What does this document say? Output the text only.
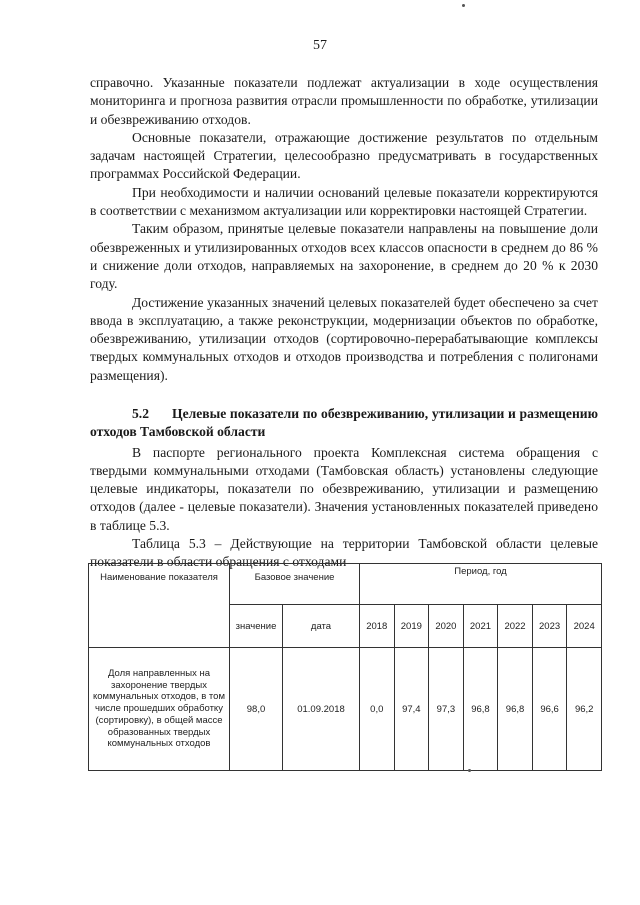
57

справочно. Указанные показатели подлежат актуализации в ходе осуществления мониторинга и прогноза развития отрасли промышленности по обработке, утилизации и обезвреживанию отходов.

Основные показатели, отражающие достижение результатов по отдельным задачам настоящей Стратегии, целесообразно предусматривать в государственных программах Российской Федерации.

При необходимости и наличии оснований целевые показатели корректируются в соответствии с механизмом актуализации или корректировки настоящей Стратегии.

Таким образом, принятые целевые показатели направлены на повышение доли обезвреженных и утилизированных отходов всех классов опасности в среднем до 86 % и снижение доли отходов, направляемых на захоронение, в среднем до 20 % к 2030 году.

Достижение указанных значений целевых показателей будет обеспечено за счет ввода в эксплуатацию, а также реконструкции, модернизации объектов по обработке, обезвреживанию, утилизации отходов (сортировочно-перерабатывающие комплексы твердых коммунальных отходов и отходов производства и потребления с полигонами размещения).

5.2 Целевые показатели по обезвреживанию, утилизации и размещению отходов Тамбовской области

В паспорте регионального проекта Комплексная система обращения с твердыми коммунальными отходами (Тамбовская область) установлены следующие целевые индикаторы, показатели по обезвреживанию, утилизации и размещению отходов (далее - целевые показатели). Значения установленных показателей приведено в таблице 5.3.

Таблица 5.3 – Действующие на территории Тамбовской области целевые показатели в области обращения с отходами

Наименование показателя	Базовое значение		Период, год						
	значение	дата	2018	2019	2020	2021	2022	2023	2024
Доля направленных на захоронение твердых коммунальных отходов, в том числе прошедших обработку (сортировку), в общей массе образованных твердых коммунальных отходов	98,0	01.09.2018	0,0	97,4	97,3	96,8	96,8	96,6	96,2
